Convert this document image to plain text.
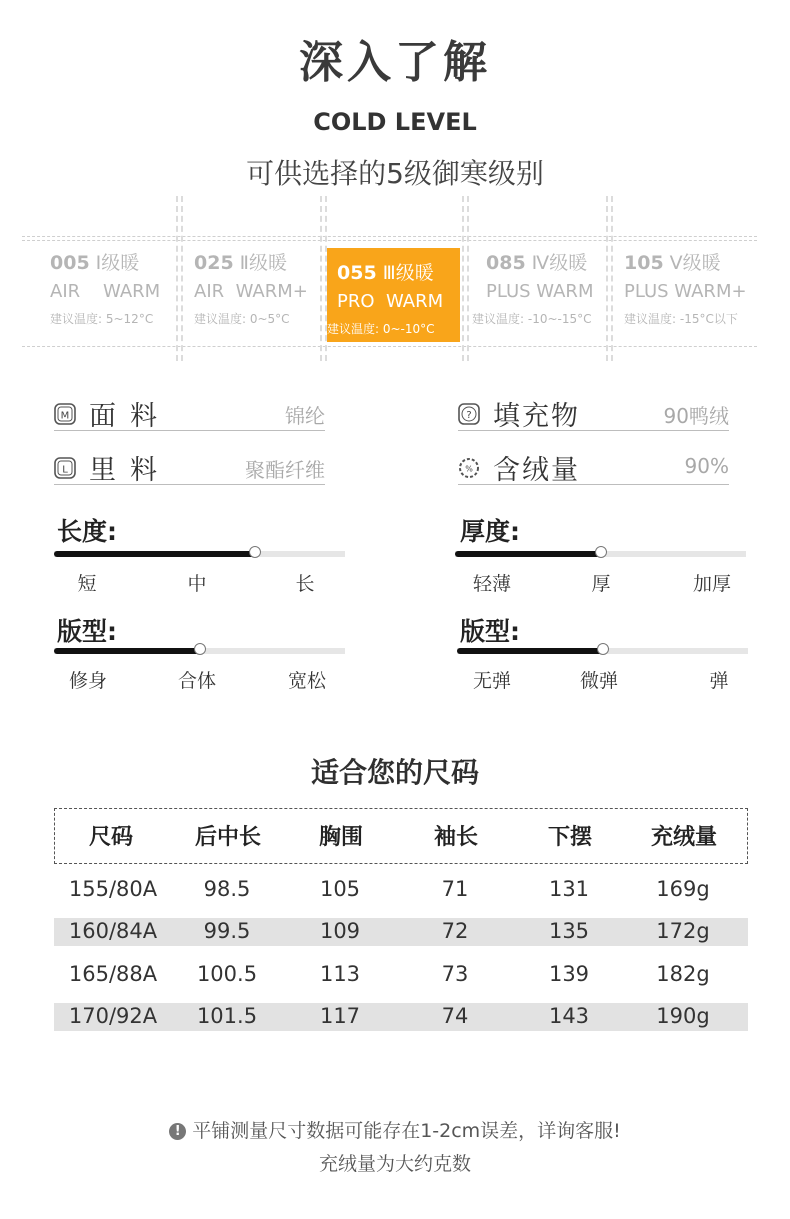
深入了解
COLD LEVEL
可供选择的5级御寒级别
005 Ⅰ级暖
AIR    WARM
建议温度: 5~12°C
025 Ⅱ级暖
AIR  WARM+
建议温度: 0~5°C
055 Ⅲ级暖
PRO  WARM
建议温度: 0~-10°C
085 Ⅳ级暖
PLUS WARM
建议温度: -10~-15°C
105 Ⅴ级暖
PLUS WARM+
建议温度: -15°C以下
M 面料	锦纶
L 里料	聚酯纤维
? 填充物	90鸭绒
% 含绒量	90%
长度:
短	中	长
版型:
修身	合体	宽松
厚度:
轻薄	厚	加厚
版型:
无弹	微弹	弹
适合您的尺码
尺码	后中长	胸围	袖长	下摆	充绒量
155/80A 98.5	105	71	131	169g
160/84A 99.5	109	72	135	172g
165/88A 100.5	113	73	139	182g
170/92A 101.5	117	74	143	190g
! 平铺测量尺寸数据可能存在1-2cm误差，详询客服!
充绒量为大约克数
